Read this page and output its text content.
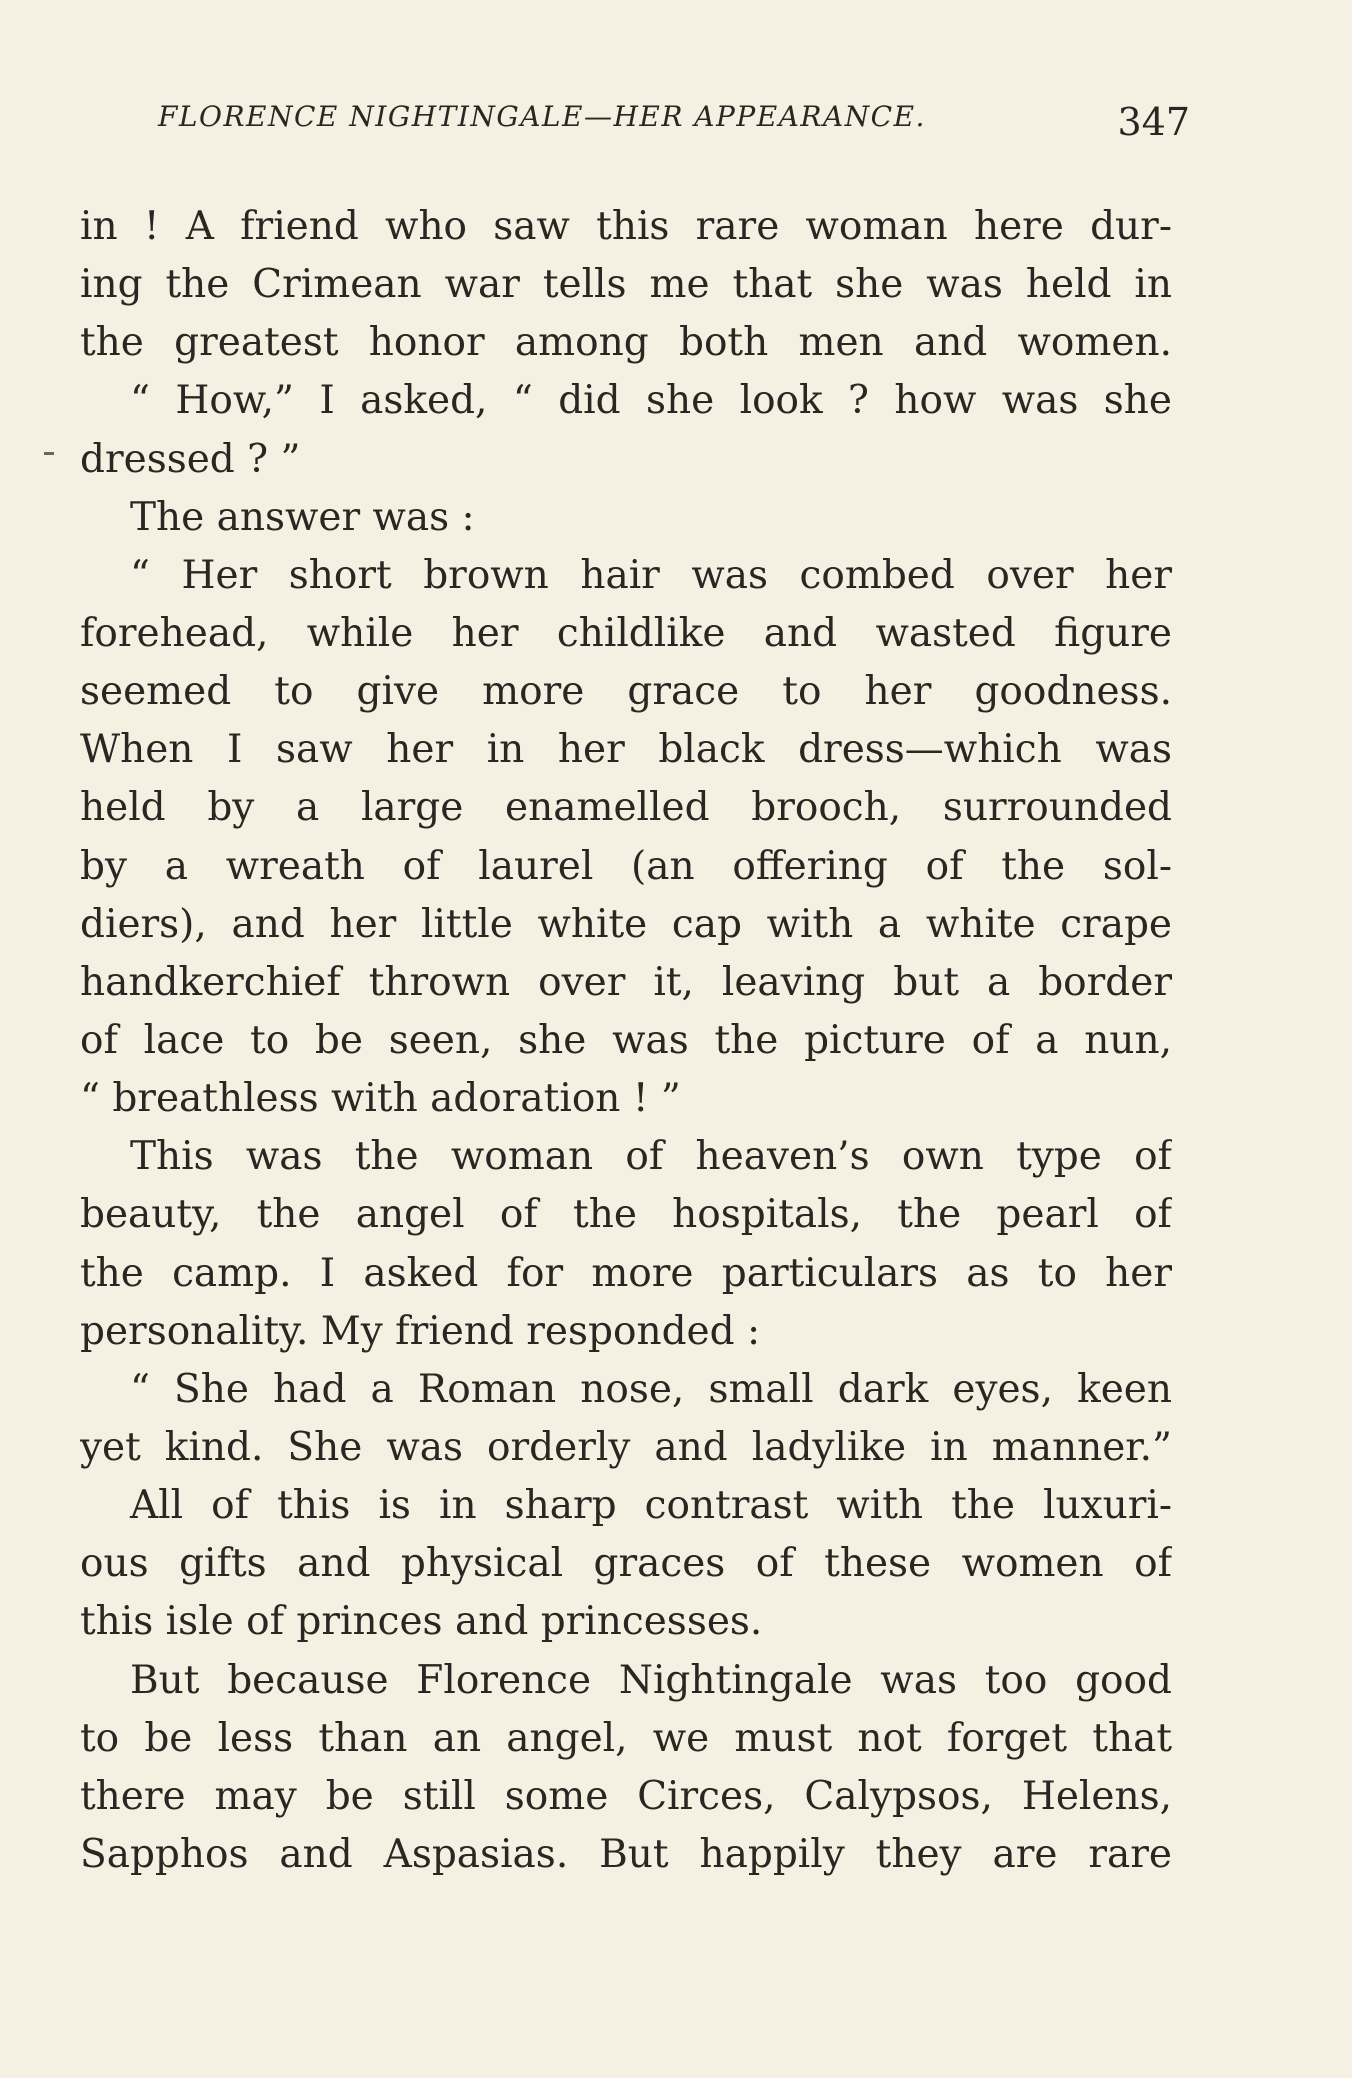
FLORENCE NIGHTINGALE—HER APPEARANCE.	347
in ! A friend who saw this rare woman here dur-
ing the Crimean war tells me that she was held in
the greatest honor among both men and women.
“ How,” I asked, “ did she look ? how was she
dressed ? ”
The answer was :
“ Her short brown hair was combed over her
forehead, while her childlike and wasted figure
seemed to give more grace to her goodness.
When I saw her in her black dress—which was
held by a large enamelled brooch, surrounded
by a wreath of laurel (an offering of the sol-
diers), and her little white cap with a white crape
handkerchief thrown over it, leaving but a border
of lace to be seen, she was the picture of a nun,
“ breathless with adoration ! ”
This was the woman of heaven’s own type of
beauty, the angel of the hospitals, the pearl of
the camp. I asked for more particulars as to her
personality. My friend responded :
“ She had a Roman nose, small dark eyes, keen
yet kind. She was orderly and ladylike in manner.”
All of this is in sharp contrast with the luxuri-
ous gifts and physical graces of these women of
this isle of princes and princesses.
But because Florence Nightingale was too good
to be less than an angel, we must not forget that
there may be still some Circes, Calypsos, Helens,
Sapphos and Aspasias. But happily they are rare
